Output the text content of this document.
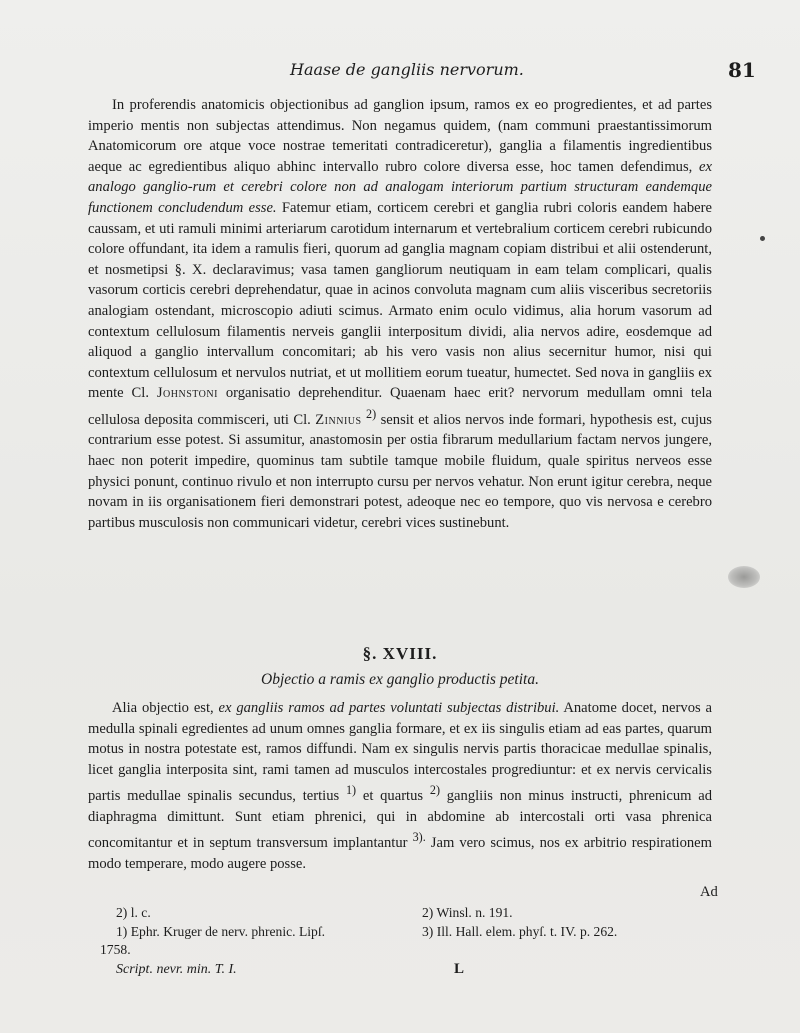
Haase de gangliis nervorum.	81

In proferendis anatomicis objectionibus ad ganglion ipsum, ramos ex eo progredientes, et ad partes imperio mentis non subjectas attendimus. Non negamus quidem, (nam communi praestantissimorum Anatomicorum ore atque voce nostrae temeritati contradiceretur), ganglia a filamentis ingredientibus aeque ac egredientibus aliquo abhinc intervallo rubro colore diversa esse, hoc tamen defendimus, ex analogo ganglio-rum et cerebri colore non ad analogam interiorum partium structuram eandemque functionem concludendum esse. Fatemur etiam, corticem cerebri et ganglia rubri coloris eandem habere caussam, et uti ramuli minimi arteriarum carotidum internarum et vertebralium corticem cerebri rubicundo colore offundant, ita idem a ramulis fieri, quorum ad ganglia magnam copiam distribui et alii ostenderunt, et nosmetipsi §. X. declaravimus; vasa tamen gangliorum neutiquam in eam telam complicari, qualis vasorum corticis cerebri deprehendatur, quae in acinos convoluta magnam cum aliis visceribus secretoriis analogiam ostendant, microscopio adiuti scimus. Armato enim oculo vidimus, alia horum vasorum ad contextum cellulosum filamentis nerveis ganglii interpositum dividi, alia nervos adire, eosdemque ad aliquod a ganglio intervallum concomitari; ab his vero vasis non alius secernitur humor, nisi qui contextum cellulosum et nervulos nutriat, et ut mollitiem eorum tueatur, humectet. Sed nova in gangliis ex mente Cl. Johnstoni organisatio deprehenditur. Quaenam haec erit? nervorum medullam omni tela cellulosa deposita commisceri, uti Cl. Zinnius $^{2)}$ sensit et alios nervos inde formari, hypothesis est, cujus contrarium esse potest. Si assumitur, anastomosin per ostia fibrarum medullarium factam nervos jungere, haec non poterit impedire, quominus tam subtile tamque mobile fluidum, quale spiritus nerveos esse physici ponunt, continuo rivulo et non interrupto cursu per nervos vehatur. Non erunt igitur cerebra, neque novam in iis organisationem fieri demonstrari potest, adeoque nec eo tempore, quo vis nervosa e cerebro partibus musculosis non communicari videtur, cerebri vices sustinebunt.

§. XVIII.
Objectio a ramis ex ganglio productis petita.

Alia objectio est, ex gangliis ramos ad partes voluntati subjectas distribui. Anatome docet, nervos a medulla spinali egredientes ad unum omnes ganglia formare, et ex iis singulis etiam ad eas partes, quarum motus in nostra potestate est, ramos diffundi. Nam ex singulis nervis partis thoracicae medullae spinalis, licet ganglia interposita sint, rami tamen ad musculos intercostales progrediuntur: et ex nervis cervicalis partis medullae spinalis secundus, tertius $^{1)}$ et quartus $^{2)}$ gangliis non minus instructi, phrenicum ad diaphragma dimittunt. Sunt etiam phrenici, qui in abdomine ab intercostali orti vasa phrenica concomitantur et in septum transversum implantantur $^{3).}$ Jam vero scimus, nos ex arbitrio respirationem modo temperare, modo augere posse.

Ad
2) l. c.	2) Winsl. n. 191.
1) Ephr. Kruger de nerv. phrenic. Lipſ.	3) Ill. Hall. elem. phyſ. t. IV. p. 262.
1758.
Script. nevr. min. T. I.	L
